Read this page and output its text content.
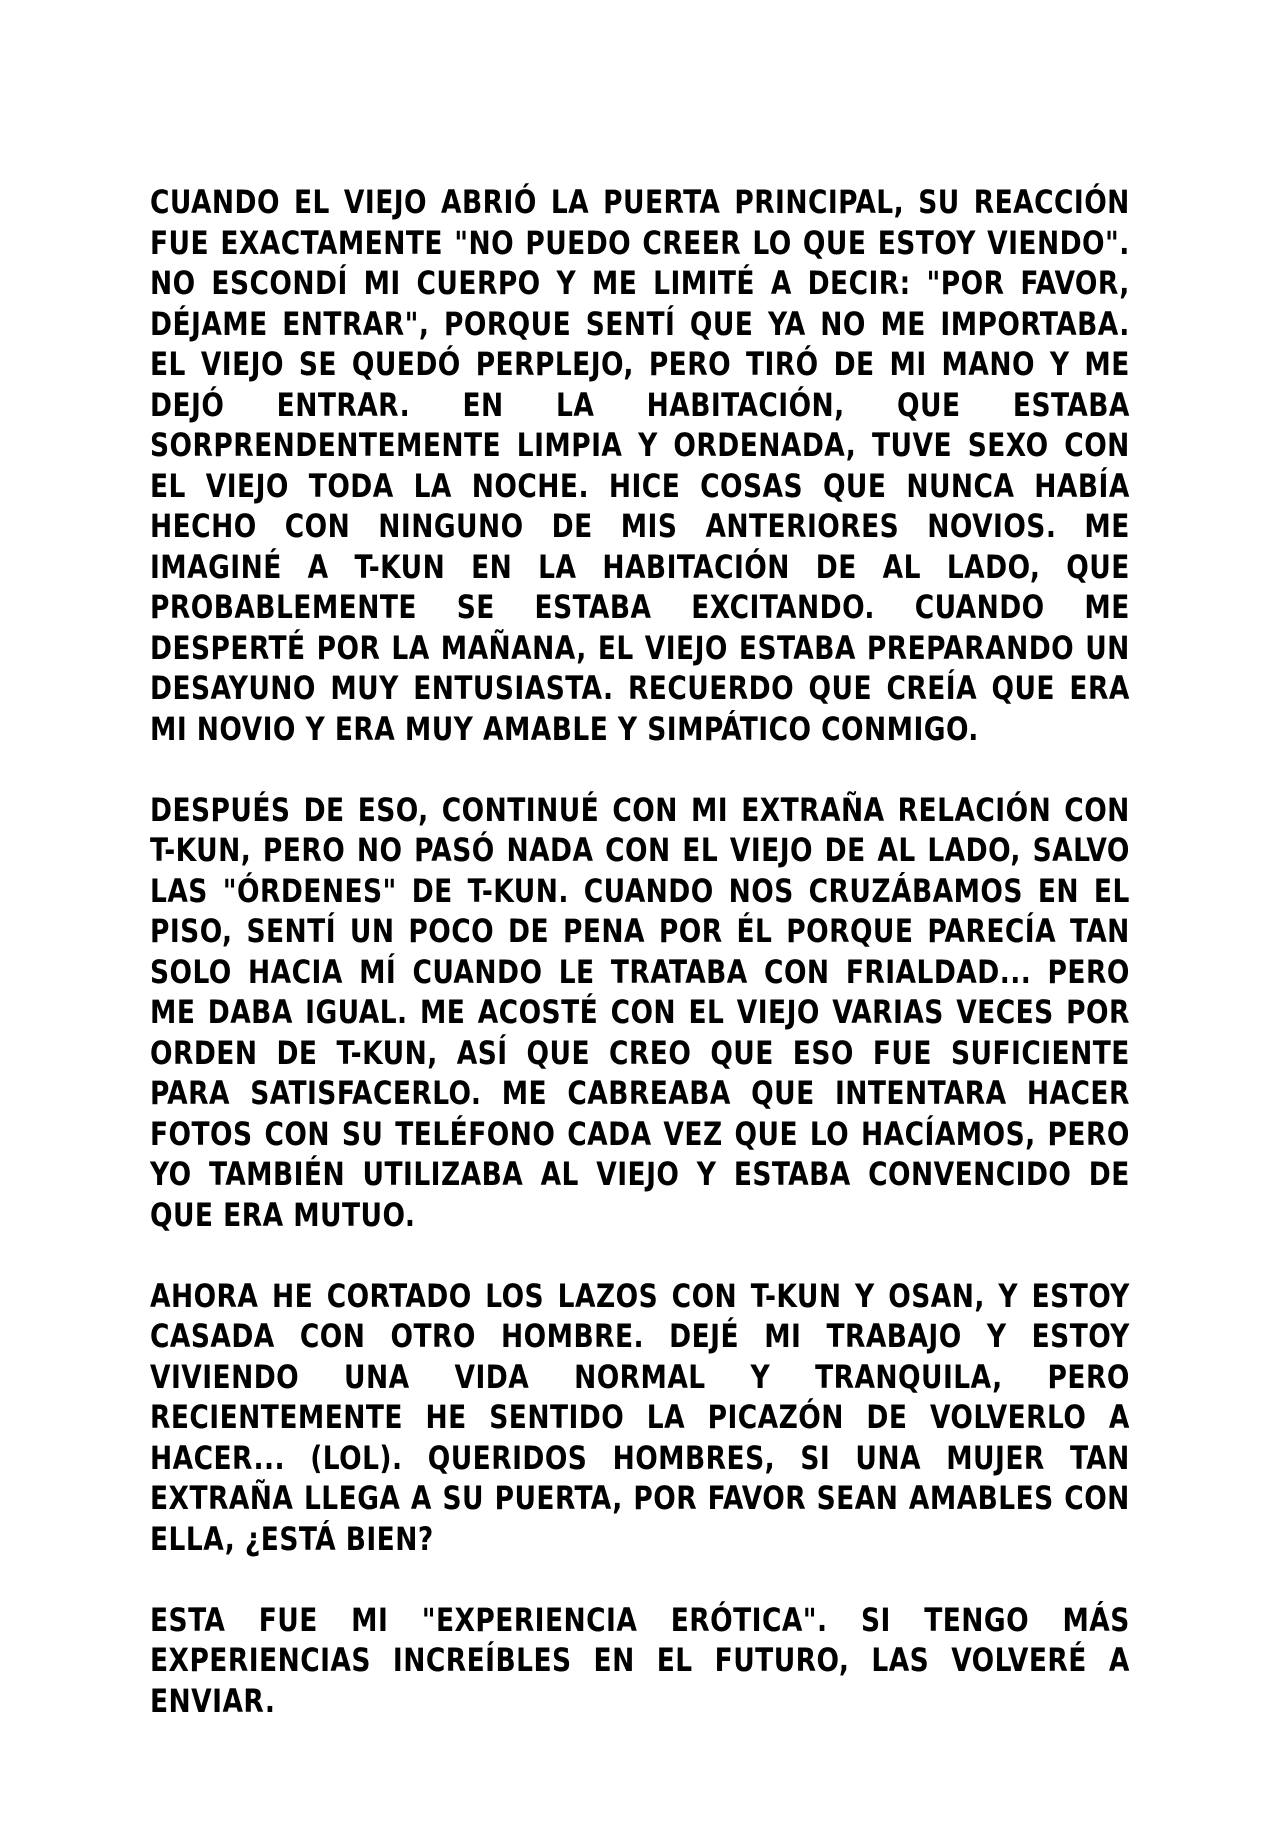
CUANDO EL VIEJO ABRIÓ LA PUERTA PRINCIPAL, SU REACCIÓN FUE EXACTAMENTE "NO PUEDO CREER LO QUE ESTOY VIENDO". NO ESCONDÍ MI CUERPO Y ME LIMITÉ A DECIR: "POR FAVOR, DÉJAME ENTRAR", PORQUE SENTÍ QUE YA NO ME IMPORTABA. EL VIEJO SE QUEDÓ PERPLEJO, PERO TIRÓ DE MI MANO Y ME DEJÓ ENTRAR. EN LA HABITACIÓN, QUE ESTABA SORPRENDENTEMENTE LIMPIA Y ORDENADA, TUVE SEXO CON EL VIEJO TODA LA NOCHE. HICE COSAS QUE NUNCA HABÍA HECHO CON NINGUNO DE MIS ANTERIORES NOVIOS. ME IMAGINÉ A T-KUN EN LA HABITACIÓN DE AL LADO, QUE PROBABLEMENTE SE ESTABA EXCITANDO. CUANDO ME DESPERTÉ POR LA MAÑANA, EL VIEJO ESTABA PREPARANDO UN DESAYUNO MUY ENTUSIASTA. RECUERDO QUE CREÍA QUE ERA MI NOVIO Y ERA MUY AMABLE Y SIMPÁTICO CONMIGO.

DESPUÉS DE ESO, CONTINUÉ CON MI EXTRAÑA RELACIÓN CON T-KUN, PERO NO PASÓ NADA CON EL VIEJO DE AL LADO, SALVO LAS "ÓRDENES" DE T-KUN. CUANDO NOS CRUZÁBAMOS EN EL PISO, SENTÍ UN POCO DE PENA POR ÉL PORQUE PARECÍA TAN SOLO HACIA MÍ CUANDO LE TRATABA CON FRIALDAD... PERO ME DABA IGUAL. ME ACOSTÉ CON EL VIEJO VARIAS VECES POR ORDEN DE T-KUN, ASÍ QUE CREO QUE ESO FUE SUFICIENTE PARA SATISFACERLO. ME CABREABA QUE INTENTARA HACER FOTOS CON SU TELÉFONO CADA VEZ QUE LO HACÍAMOS, PERO YO TAMBIÉN UTILIZABA AL VIEJO Y ESTABA CONVENCIDO DE QUE ERA MUTUO.

AHORA HE CORTADO LOS LAZOS CON T-KUN Y OSAN, Y ESTOY CASADA CON OTRO HOMBRE. DEJÉ MI TRABAJO Y ESTOY VIVIENDO UNA VIDA NORMAL Y TRANQUILA, PERO RECIENTEMENTE HE SENTIDO LA PICAZÓN DE VOLVERLO A HACER... (LOL). QUERIDOS HOMBRES, SI UNA MUJER TAN EXTRAÑA LLEGA A SU PUERTA, POR FAVOR SEAN AMABLES CON ELLA, ¿ESTÁ BIEN?

ESTA FUE MI "EXPERIENCIA ERÓTICA". SI TENGO MÁS EXPERIENCIAS INCREÍBLES EN EL FUTURO, LAS VOLVERÉ A ENVIAR.
